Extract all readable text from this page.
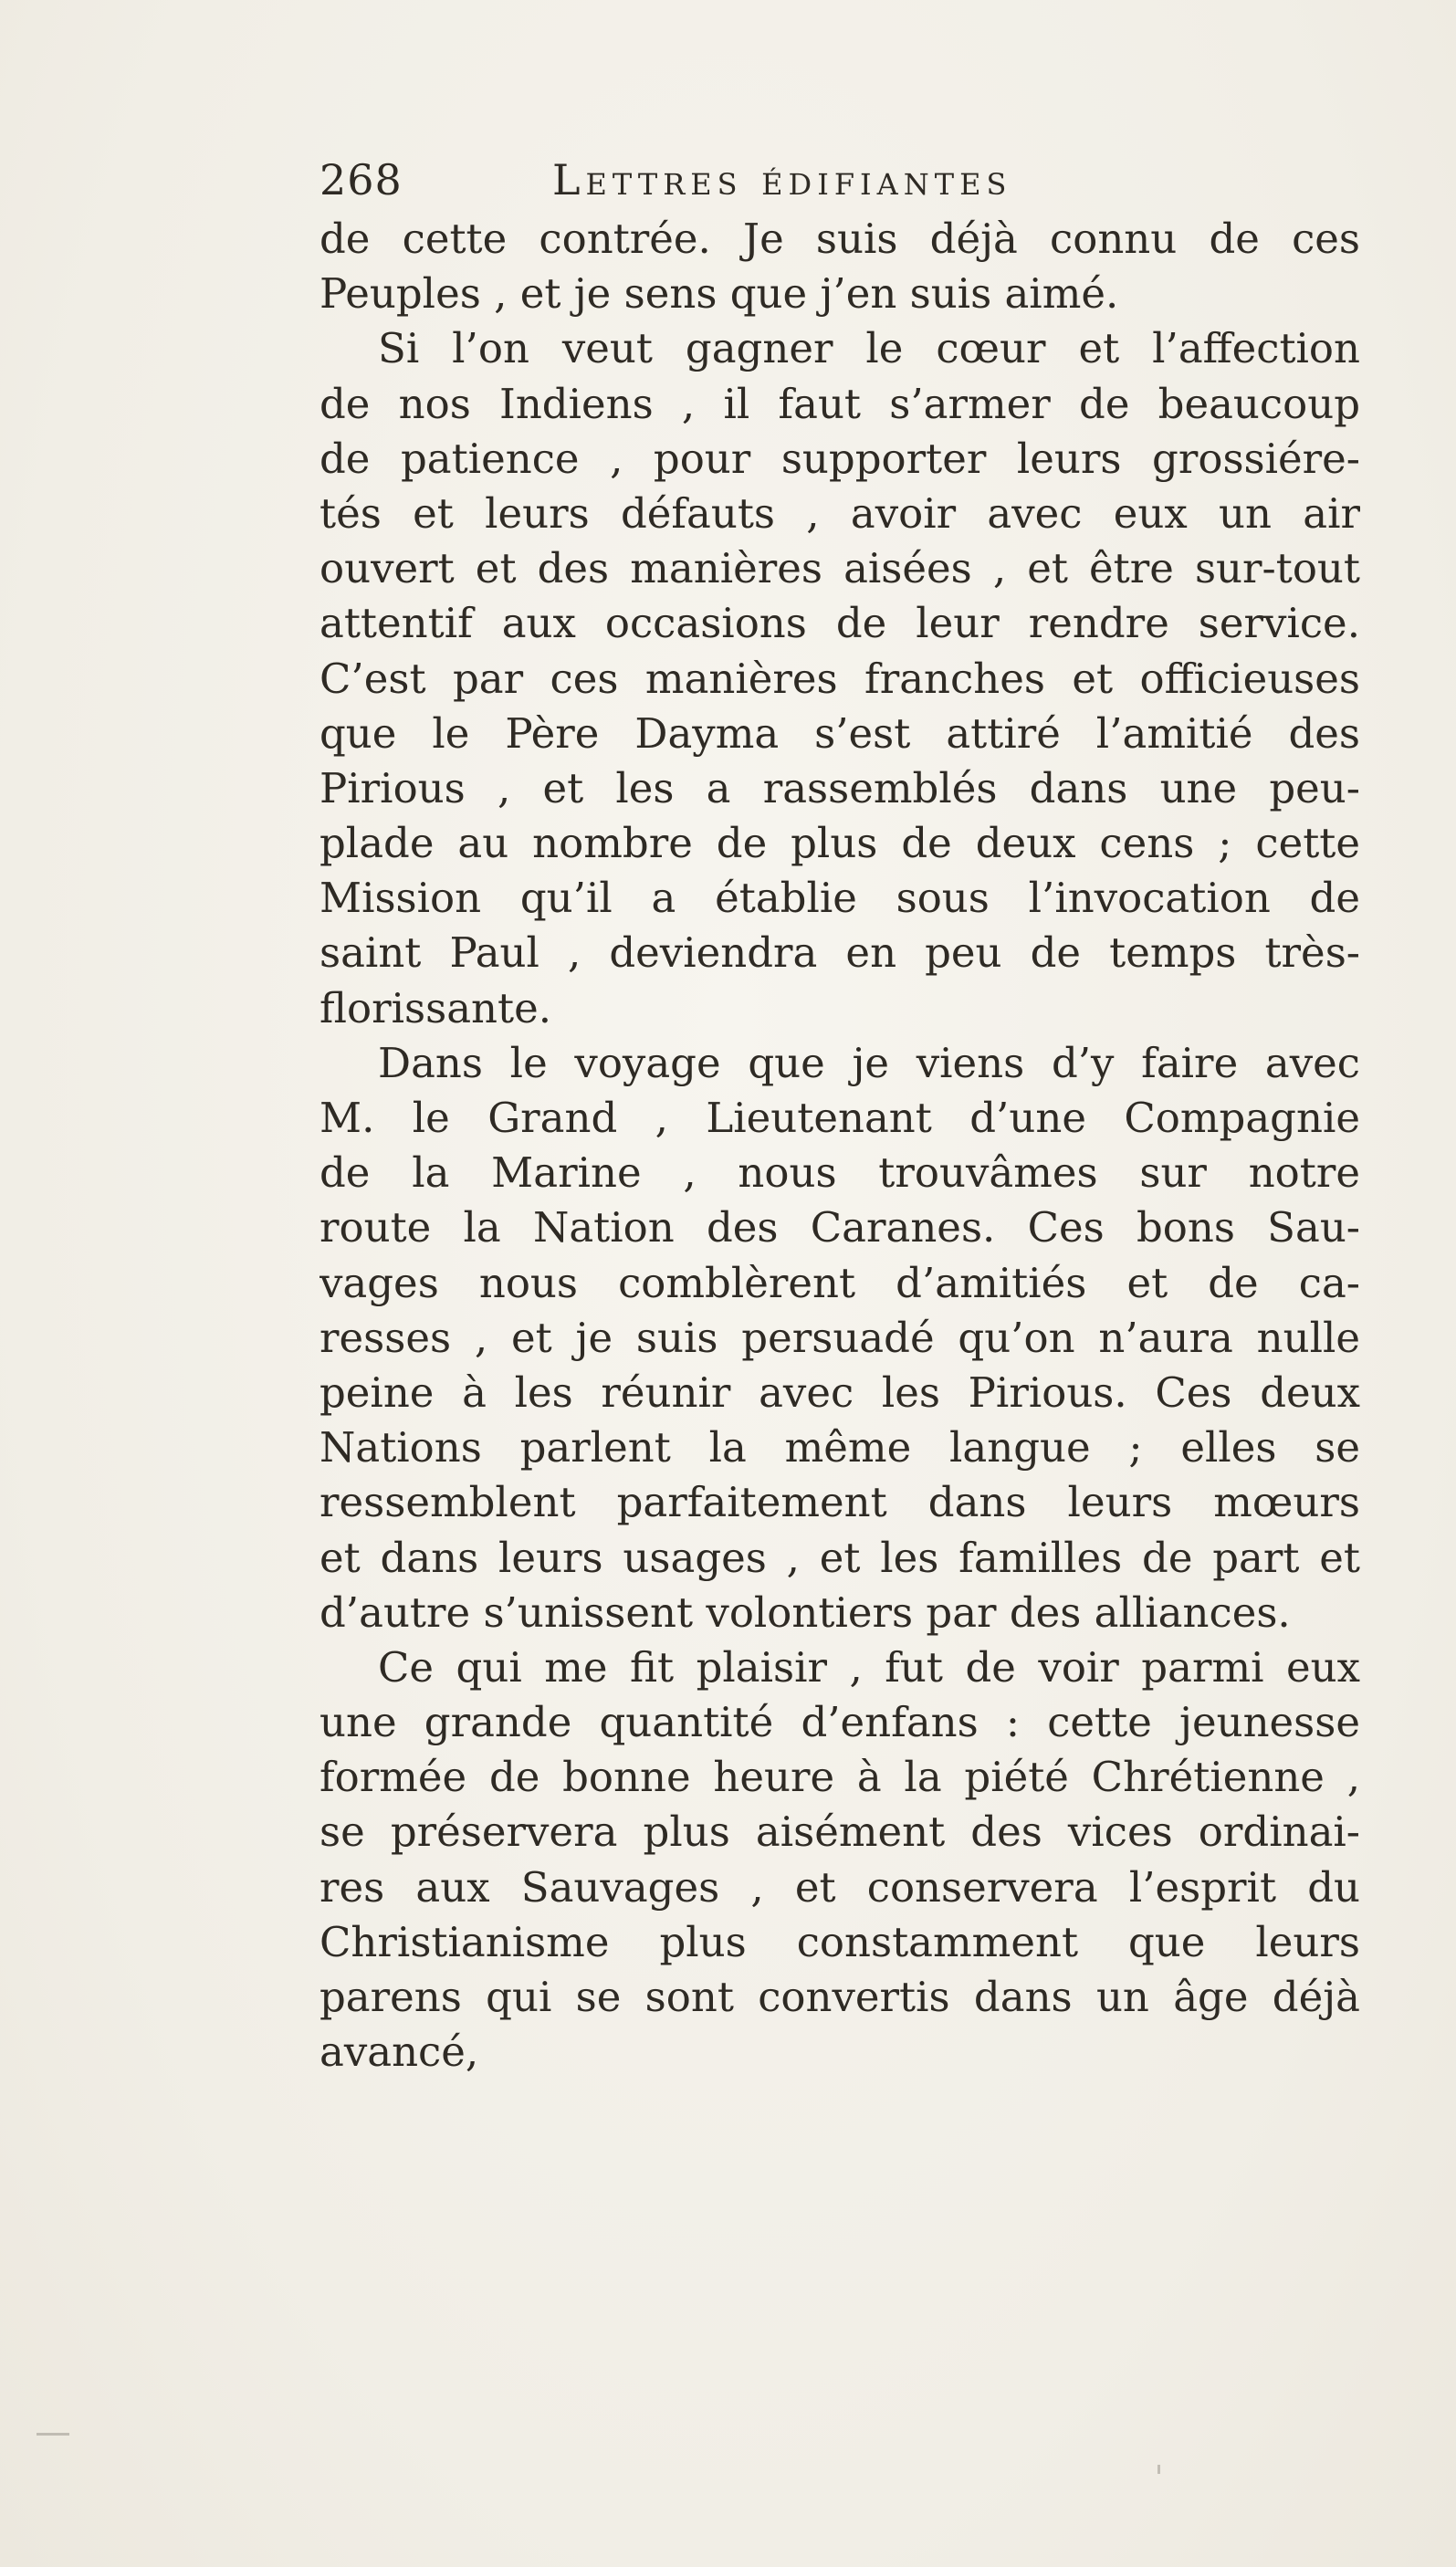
268	Lettres édifiantes
de cette contrée. Je suis déjà connu de ces
Peuples , et je sens que j’en suis aimé.
Si l’on veut gagner le cœur et l’affection
de nos Indiens , il faut s’armer de beaucoup
de patience , pour supporter leurs grossiére-
tés et leurs défauts , avoir avec eux un air
ouvert et des manières aisées , et être sur-tout
attentif aux occasions de leur rendre service.
C’est par ces manières franches et officieuses
que le Père Dayma s’est attiré l’amitié des
Pirious , et les a rassemblés dans une peu-
plade au nombre de plus de deux cens ; cette
Mission qu’il a établie sous l’invocation de
saint Paul , deviendra en peu de temps très-
florissante.
Dans le voyage que je viens d’y faire avec
M. le Grand , Lieutenant d’une Compagnie
de la Marine , nous trouvâmes sur notre
route la Nation des Caranes. Ces bons Sau-
vages nous comblèrent d’amitiés et de ca-
resses , et je suis persuadé qu’on n’aura nulle
peine à les réunir avec les Pirious. Ces deux
Nations parlent la même langue ; elles se
ressemblent parfaitement dans leurs mœurs
et dans leurs usages , et les familles de part et
d’autre s’unissent volontiers par des alliances.
Ce qui me fit plaisir , fut de voir parmi eux
une grande quantité d’enfans : cette jeunesse
formée de bonne heure à la piété Chrétienne ,
se préservera plus aisément des vices ordinai-
res aux Sauvages , et conservera l’esprit du
Christianisme plus constamment que leurs
parens qui se sont convertis dans un âge déjà
avancé,
